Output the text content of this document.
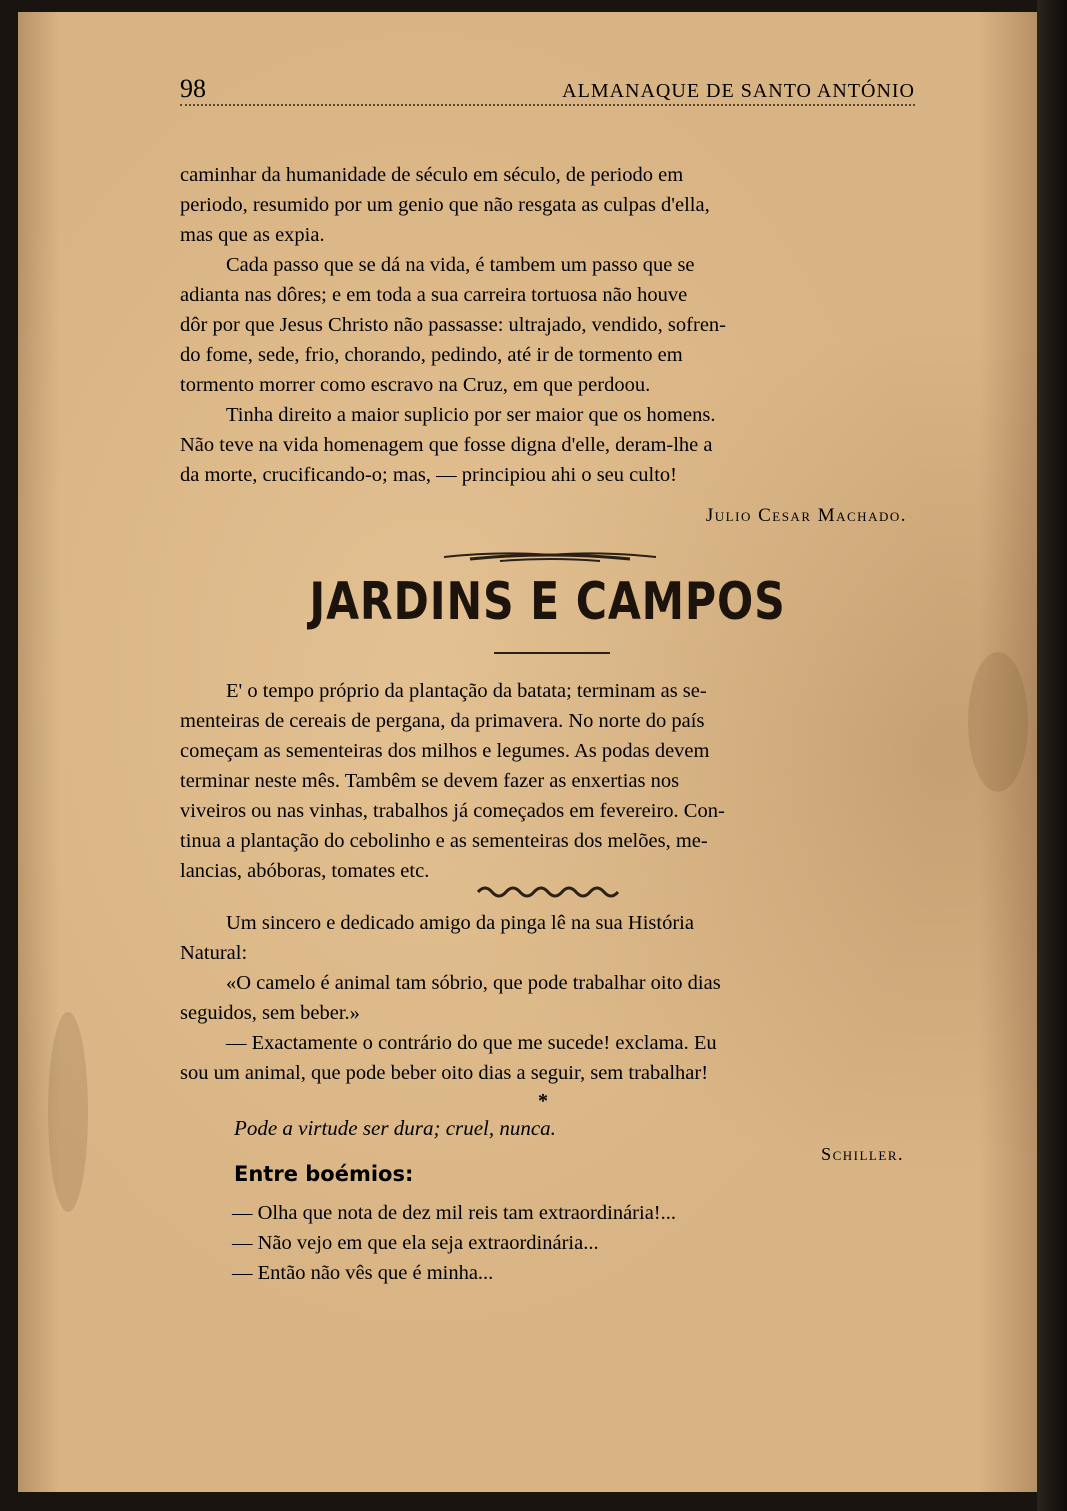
98	ALMANAQUE DE SANTO ANTÓNIO

caminhar da humanidade de século em século, de periodo em

periodo, resumido por um genio que não resgata as culpas d'ella,

mas que as expia.

Cada passo que se dá na vida, é tambem um passo que se

adianta nas dôres; e em toda a sua carreira tortuosa não houve

dôr por que Jesus Christo não passasse: ultrajado, vendido, sofren-

do fome, sede, frio, chorando, pedindo, até ir de tormento em

tormento morrer como escravo na Cruz, em que perdoou.

Tinha direito a maior suplicio por ser maior que os homens.

Não teve na vida homenagem que fosse digna d'elle, deram-lhe a

da morte, crucificando-o; mas, — principiou ahi o seu culto!

Julio Cesar Machado.
JARDINS E CAMPOS

E' o tempo próprio da plantação da batata; terminam as se-

menteiras de cereais de pergana, da primavera. No norte do país

começam as sementeiras dos milhos e legumes. As podas devem

terminar neste mês. Tambêm se devem fazer as enxertias nos

viveiros ou nas vinhas, trabalhos já começados em fevereiro. Con-

tinua a plantação do cebolinho e as sementeiras dos melões, me-

lancias, abóboras, tomates etc.

Um sincero e dedicado amigo da pinga lê na sua História

Natural:

«O camelo é animal tam sóbrio, que pode trabalhar oito dias

seguidos, sem beber.»

— Exactamente o contrário do que me sucede! exclama. Eu

sou um animal, que pode beber oito dias a seguir, sem trabalhar!

*
Pode a virtude ser dura; cruel, nunca.
Schiller.
Entre boémios:
— Olha que nota de dez mil reis tam extraordinária!...
— Não vejo em que ela seja extraordinária...
— Então não vês que é minha...
